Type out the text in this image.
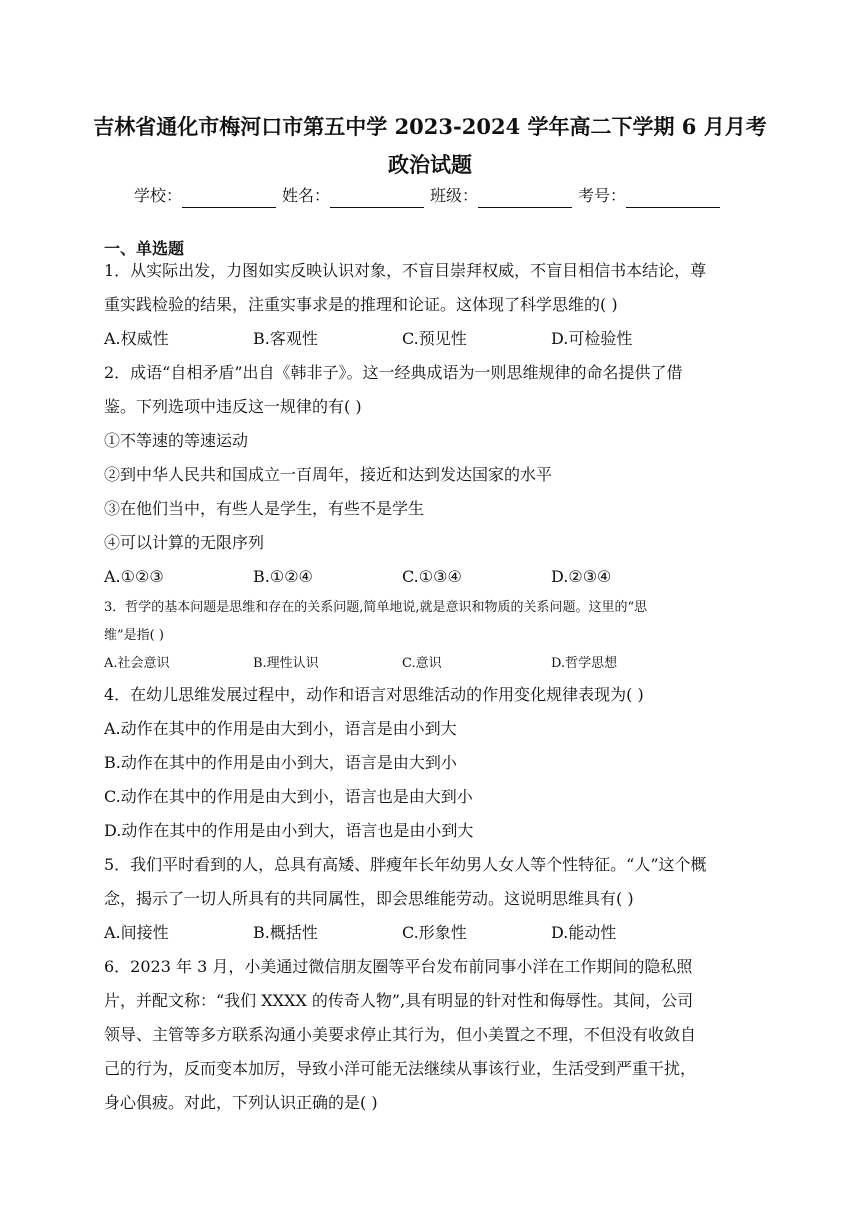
吉林省通化市梅河口市第五中学 2023-2024 学年高二下学期 6 月月考
政治试题
学校：	姓名：	班级：	考号：
一、单选题
1．从实际出发，力图如实反映认识对象，不盲目崇拜权威，不盲目相信书本结论，尊
重实践检验的结果，注重实事求是的推理和论证。这体现了科学思维的( )
A.权威性	B.客观性	C.预见性	D.可检验性
2．成语“自相矛盾”出自《韩非子》。这一经典成语为一则思维规律的命名提供了借
鉴。下列选项中违反这一规律的有( )
①不等速的等速运动
②到中华人民共和国成立一百周年，接近和达到发达国家的水平
③在他们当中，有些人是学生，有些不是学生
④可以计算的无限序列
A.①②③	B.①②④	C.①③④	D.②③④
3．哲学的基本问题是思维和存在的关系问题,简单地说,就是意识和物质的关系问题。这里的“思
维”是指( )
A.社会意识	B.理性认识	C.意识	D.哲学思想
4．在幼儿思维发展过程中，动作和语言对思维活动的作用变化规律表现为( )
A.动作在其中的作用是由大到小，语言是由小到大
B.动作在其中的作用是由小到大，语言是由大到小
C.动作在其中的作用是由大到小，语言也是由大到小
D.动作在其中的作用是由小到大，语言也是由小到大
5．我们平时看到的人，总具有高矮、胖瘦年长年幼男人女人等个性特征。“人”这个概
念，揭示了一切人所具有的共同属性，即会思维能劳动。这说明思维具有( )
A.间接性	B.概括性	C.形象性	D.能动性
6．2023 年 3 月，小美通过微信朋友圈等平台发布前同事小洋在工作期间的隐私照
片，并配文称：“我们 XXXX 的传奇人物”,具有明显的针对性和侮辱性。其间，公司
领导、主管等多方联系沟通小美要求停止其行为，但小美置之不理，不但没有收敛自
己的行为，反而变本加厉，导致小洋可能无法继续从事该行业，生活受到严重干扰，
身心俱疲。对此，下列认识正确的是( )
